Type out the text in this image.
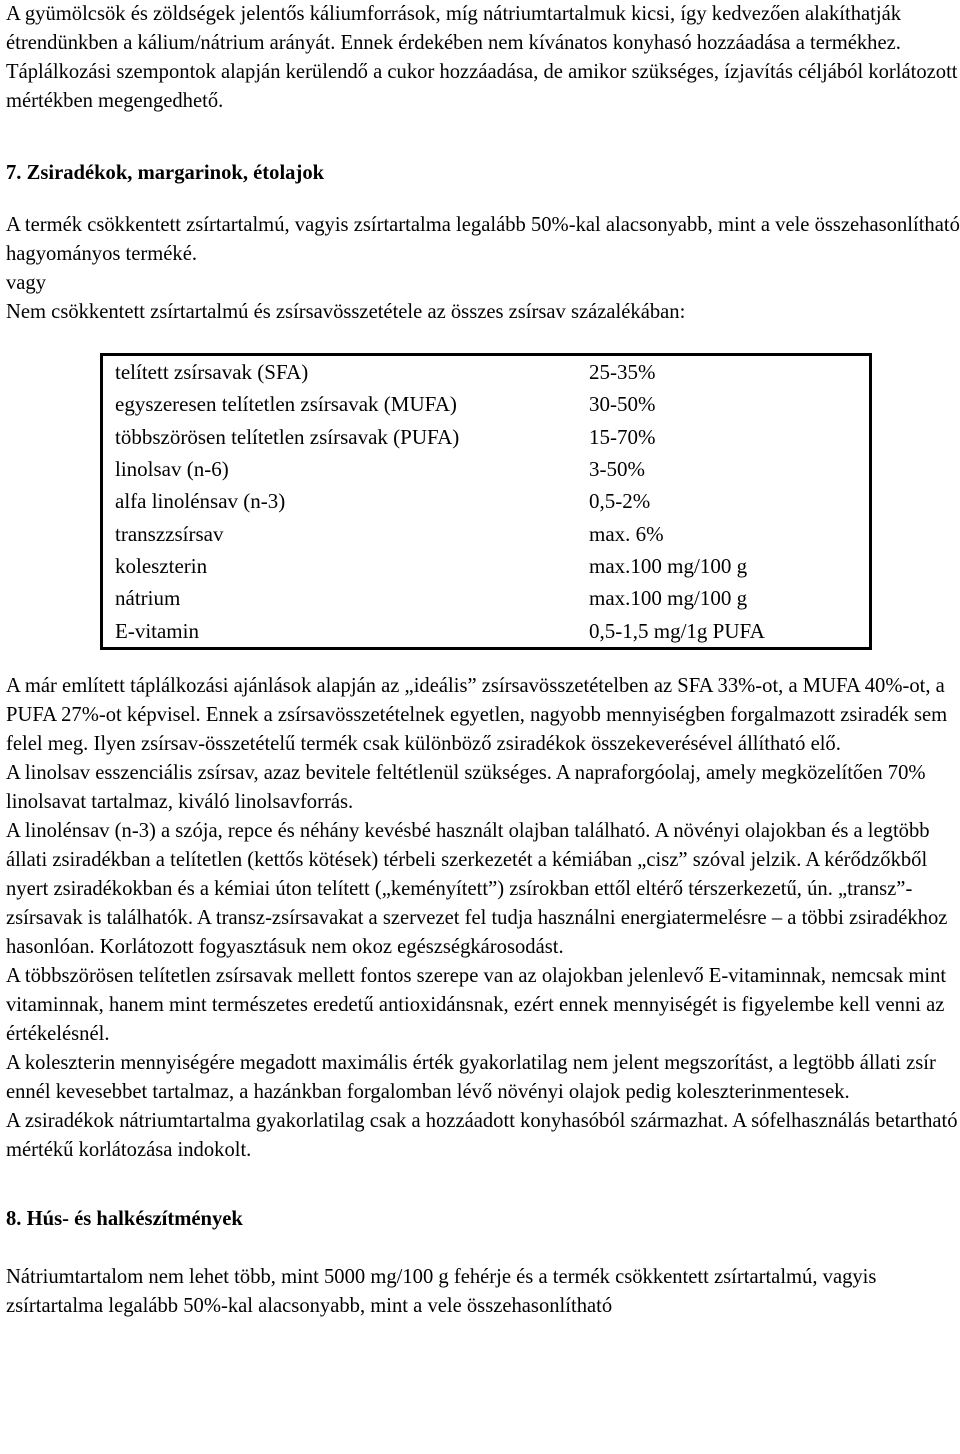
A gyümölcsök és zöldségek jelentős káliumforrások, míg nátriumtartalmuk kicsi, így kedvezően alakíthatják étrendünkben a kálium/nátrium arányát. Ennek érdekében nem kívánatos konyhasó hozzáadása a termékhez. Táplálkozási szempontok alapján kerülendő a cukor hozzáadása, de amikor szükséges, ízjavítás céljából korlátozott mértékben megengedhető.

7. Zsiradékok, margarinok, étolajok

A termék csökkentett zsírtartalmú, vagyis zsírtartalma legalább 50%-kal alacsonyabb, mint a vele összehasonlítható hagyományos terméké.

vagy

Nem csökkentett zsírtartalmú és zsírsavösszetétele az összes zsírsav százalékában:

telített zsírsavak (SFA)	25-35%
egyszeresen telítetlen zsírsavak (MUFA)	30-50%
többszörösen telítetlen zsírsavak (PUFA)	15-70%
linolsav (n-6)	3-50%
alfa linolénsav (n-3)	0,5-2%
transzzsírsav	max. 6%
koleszterin	max.100 mg/100 g
nátrium	max.100 mg/100 g
E-vitamin	0,5-1,5 mg/1g PUFA

A már említett táplálkozási ajánlások alapján az „ideális” zsírsavösszetételben az SFA 33%-ot, a MUFA 40%-ot, a PUFA 27%-ot képvisel. Ennek a zsírsavösszetételnek egyetlen, nagyobb mennyiségben forgalmazott zsiradék sem felel meg. Ilyen zsírsav-összetételű termék csak különböző zsiradékok összekeverésével állítható elő.

A linolsav esszenciális zsírsav, azaz bevitele feltétlenül szükséges. A napraforgóolaj, amely megközelítően 70% linolsavat tartalmaz, kiváló linolsavforrás.

A linolénsav (n-3) a szója, repce és néhány kevésbé használt olajban található. A növényi olajokban és a legtöbb állati zsiradékban a telítetlen (kettős kötések) térbeli szerkezetét a kémiában „cisz” szóval jelzik. A kérődzőkből nyert zsiradékokban és a kémiai úton telített („keményített”) zsírokban ettől eltérő térszerkezetű, ún. „transz”-zsírsavak is találhatók. A transz-zsírsavakat a szervezet fel tudja használni energiatermelésre – a többi zsiradékhoz hasonlóan. Korlátozott fogyasztásuk nem okoz egészségkárosodást.

A többszörösen telítetlen zsírsavak mellett fontos szerepe van az olajokban jelenlevő E-vitaminnak, nemcsak mint vitaminnak, hanem mint természetes eredetű antioxidánsnak, ezért ennek mennyiségét is figyelembe kell venni az értékelésnél.

A koleszterin mennyiségére megadott maximális érték gyakorlatilag nem jelent megszorítást, a legtöbb állati zsír ennél kevesebbet tartalmaz, a hazánkban forgalomban lévő növényi olajok pedig koleszterinmentesek.

A zsiradékok nátriumtartalma gyakorlatilag csak a hozzáadott konyhasóból származhat. A sófelhasználás betartható mértékű korlátozása indokolt.

8. Hús- és halkészítmények

Nátriumtartalom nem lehet több, mint 5000 mg/100 g fehérje és a termék csökkentett zsírtartalmú, vagyis zsírtartalma legalább 50%-kal alacsonyabb, mint a vele összehasonlítható
